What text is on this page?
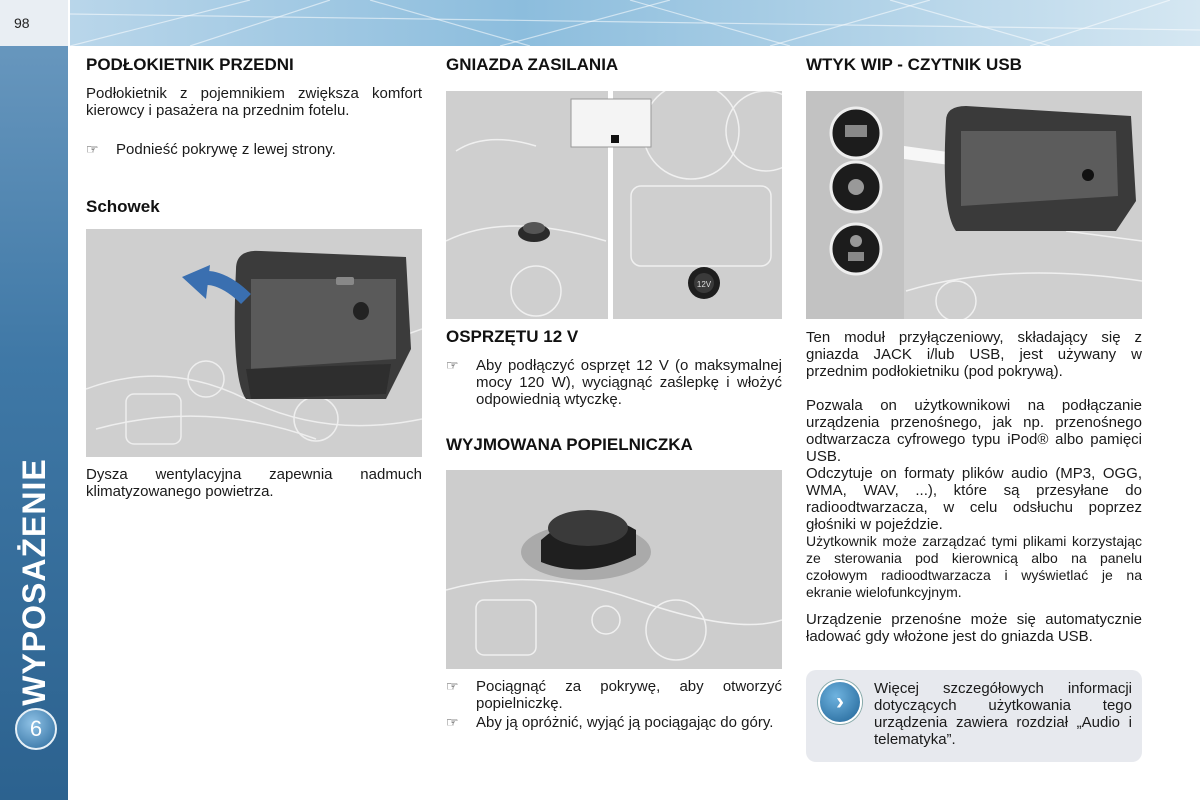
98
WYPOSAŻENIE
6
PODŁOKIETNIK PRZEDNI

Podłokietnik z pojemnikiem zwiększa komfort kierowcy i pasażera na przednim fotelu.

☞ Podnieść pokrywę z lewej strony.
Schowek

Dysza wentylacyjna zapewnia nadmuch klimatyzowanego powietrza.

GNIAZDA ZASILANIA
12V
OSPRZĘTU 12 V
☞ Aby podłączyć osprzęt 12 V (o maksymalnej mocy 120 W), wyciągnąć zaślepkę i włożyć odpowiednią wtyczkę.
WYJMOWANA POPIELNICZKA
☞ Pociągnąć za pokrywę, aby otworzyć popielniczkę.
☞ Aby ją opróżnić, wyjąć ją pociągając do góry.
WTYK WIP - CZYTNIK USB

Ten moduł przyłączeniowy, składający się z gniazda JACK i/lub USB, jest używany w przednim podłokietniku (pod pokrywą).

Pozwala on użytkownikowi na podłączanie urządzenia przenośnego, jak np. przenośnego odtwarzacza cyfrowego typu iPod® albo pamięci USB.

Odczytuje on formaty plików audio (MP3, OGG, WMA, WAV, ...), które są przesyłane do radioodtwarzacza, w celu odsłuchu poprzez głośniki w pojeździe.

Użytkownik może zarządzać tymi plikami korzystając ze sterowania pod kierownicą albo na panelu czołowym radioodtwarzacza i wyświetlać je na ekranie wielofunkcyjnym.

Urządzenie przenośne może się automatycznie ładować gdy włożone jest do gniazda USB.

›	Więcej szczegółowych informacji dotyczących użytkowania tego urządzenia zawiera rozdział „Audio i telematyka”.
